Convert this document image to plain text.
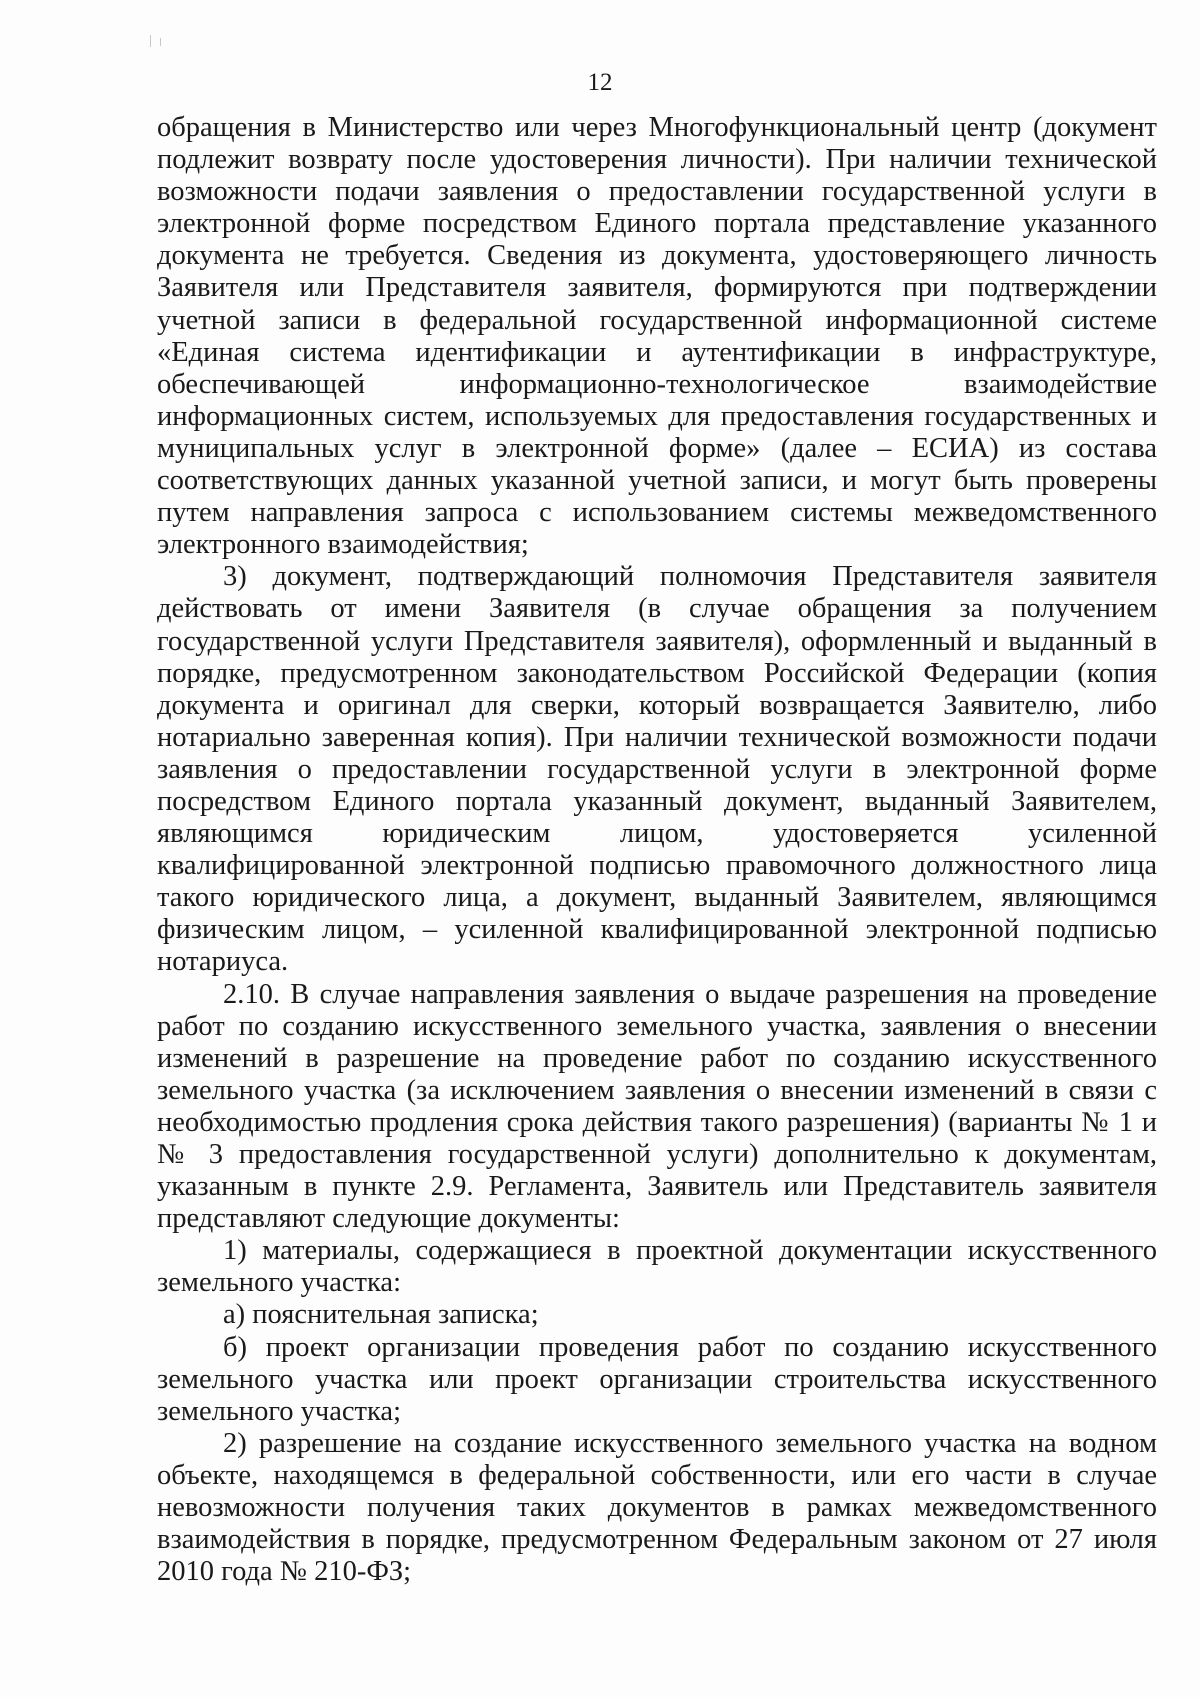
12

обращения в Министерство или через Многофункциональный центр (документ подлежит возврату после удостоверения личности). При наличии технической возможности подачи заявления о предоставлении государственной услуги в электронной форме посредством Единого портала представление указанного документа не требуется. Сведения из документа, удостоверяющего личность Заявителя или Представителя заявителя, формируются при подтверждении учетной записи в федеральной государственной информационной системе «Единая система идентификации и аутентификации в инфраструктуре, обеспечивающей информационно-технологическое взаимодействие информационных систем, используемых для предоставления государственных и муниципальных услуг в электронной форме» (далее – ЕСИА) из состава соответствующих данных указанной учетной записи, и могут быть проверены путем направления запроса с использованием системы межведомственного электронного взаимодействия;

3) документ, подтверждающий полномочия Представителя заявителя действовать от имени Заявителя (в случае обращения за получением государственной услуги Представителя заявителя), оформленный и выданный в порядке, предусмотренном законодательством Российской Федерации (копия документа и оригинал для сверки, который возвращается Заявителю, либо нотариально заверенная копия). При наличии технической возможности подачи заявления о предоставлении государственной услуги в электронной форме посредством Единого портала указанный документ, выданный Заявителем, являющимся юридическим лицом, удостоверяется усиленной квалифицированной электронной подписью правомочного должностного лица такого юридического лица, а документ, выданный Заявителем, являющимся физическим лицом, – усиленной квалифицированной электронной подписью нотариуса.

2.10. В случае направления заявления о выдаче разрешения на проведение работ по созданию искусственного земельного участка, заявления о внесении изменений в разрешение на проведение работ по созданию искусственного земельного участка (за исключением заявления о внесении изменений в связи с необходимостью продления срока действия такого разрешения) (варианты № 1 и № 3 предоставления государственной услуги) дополнительно к документам, указанным в пункте 2.9. Регламента, Заявитель или Представитель заявителя представляют следующие документы:

1) материалы, содержащиеся в проектной документации искусственного земельного участка:

а) пояснительная записка;

б) проект организации проведения работ по созданию искусственного земельного участка или проект организации строительства искусственного земельного участка;

2) разрешение на создание искусственного земельного участка на водном объекте, находящемся в федеральной собственности, или его части в случае невозможности получения таких документов в рамках межведомственного взаимодействия в порядке, предусмотренном Федеральным законом от 27 июля 2010 года № 210-ФЗ;
